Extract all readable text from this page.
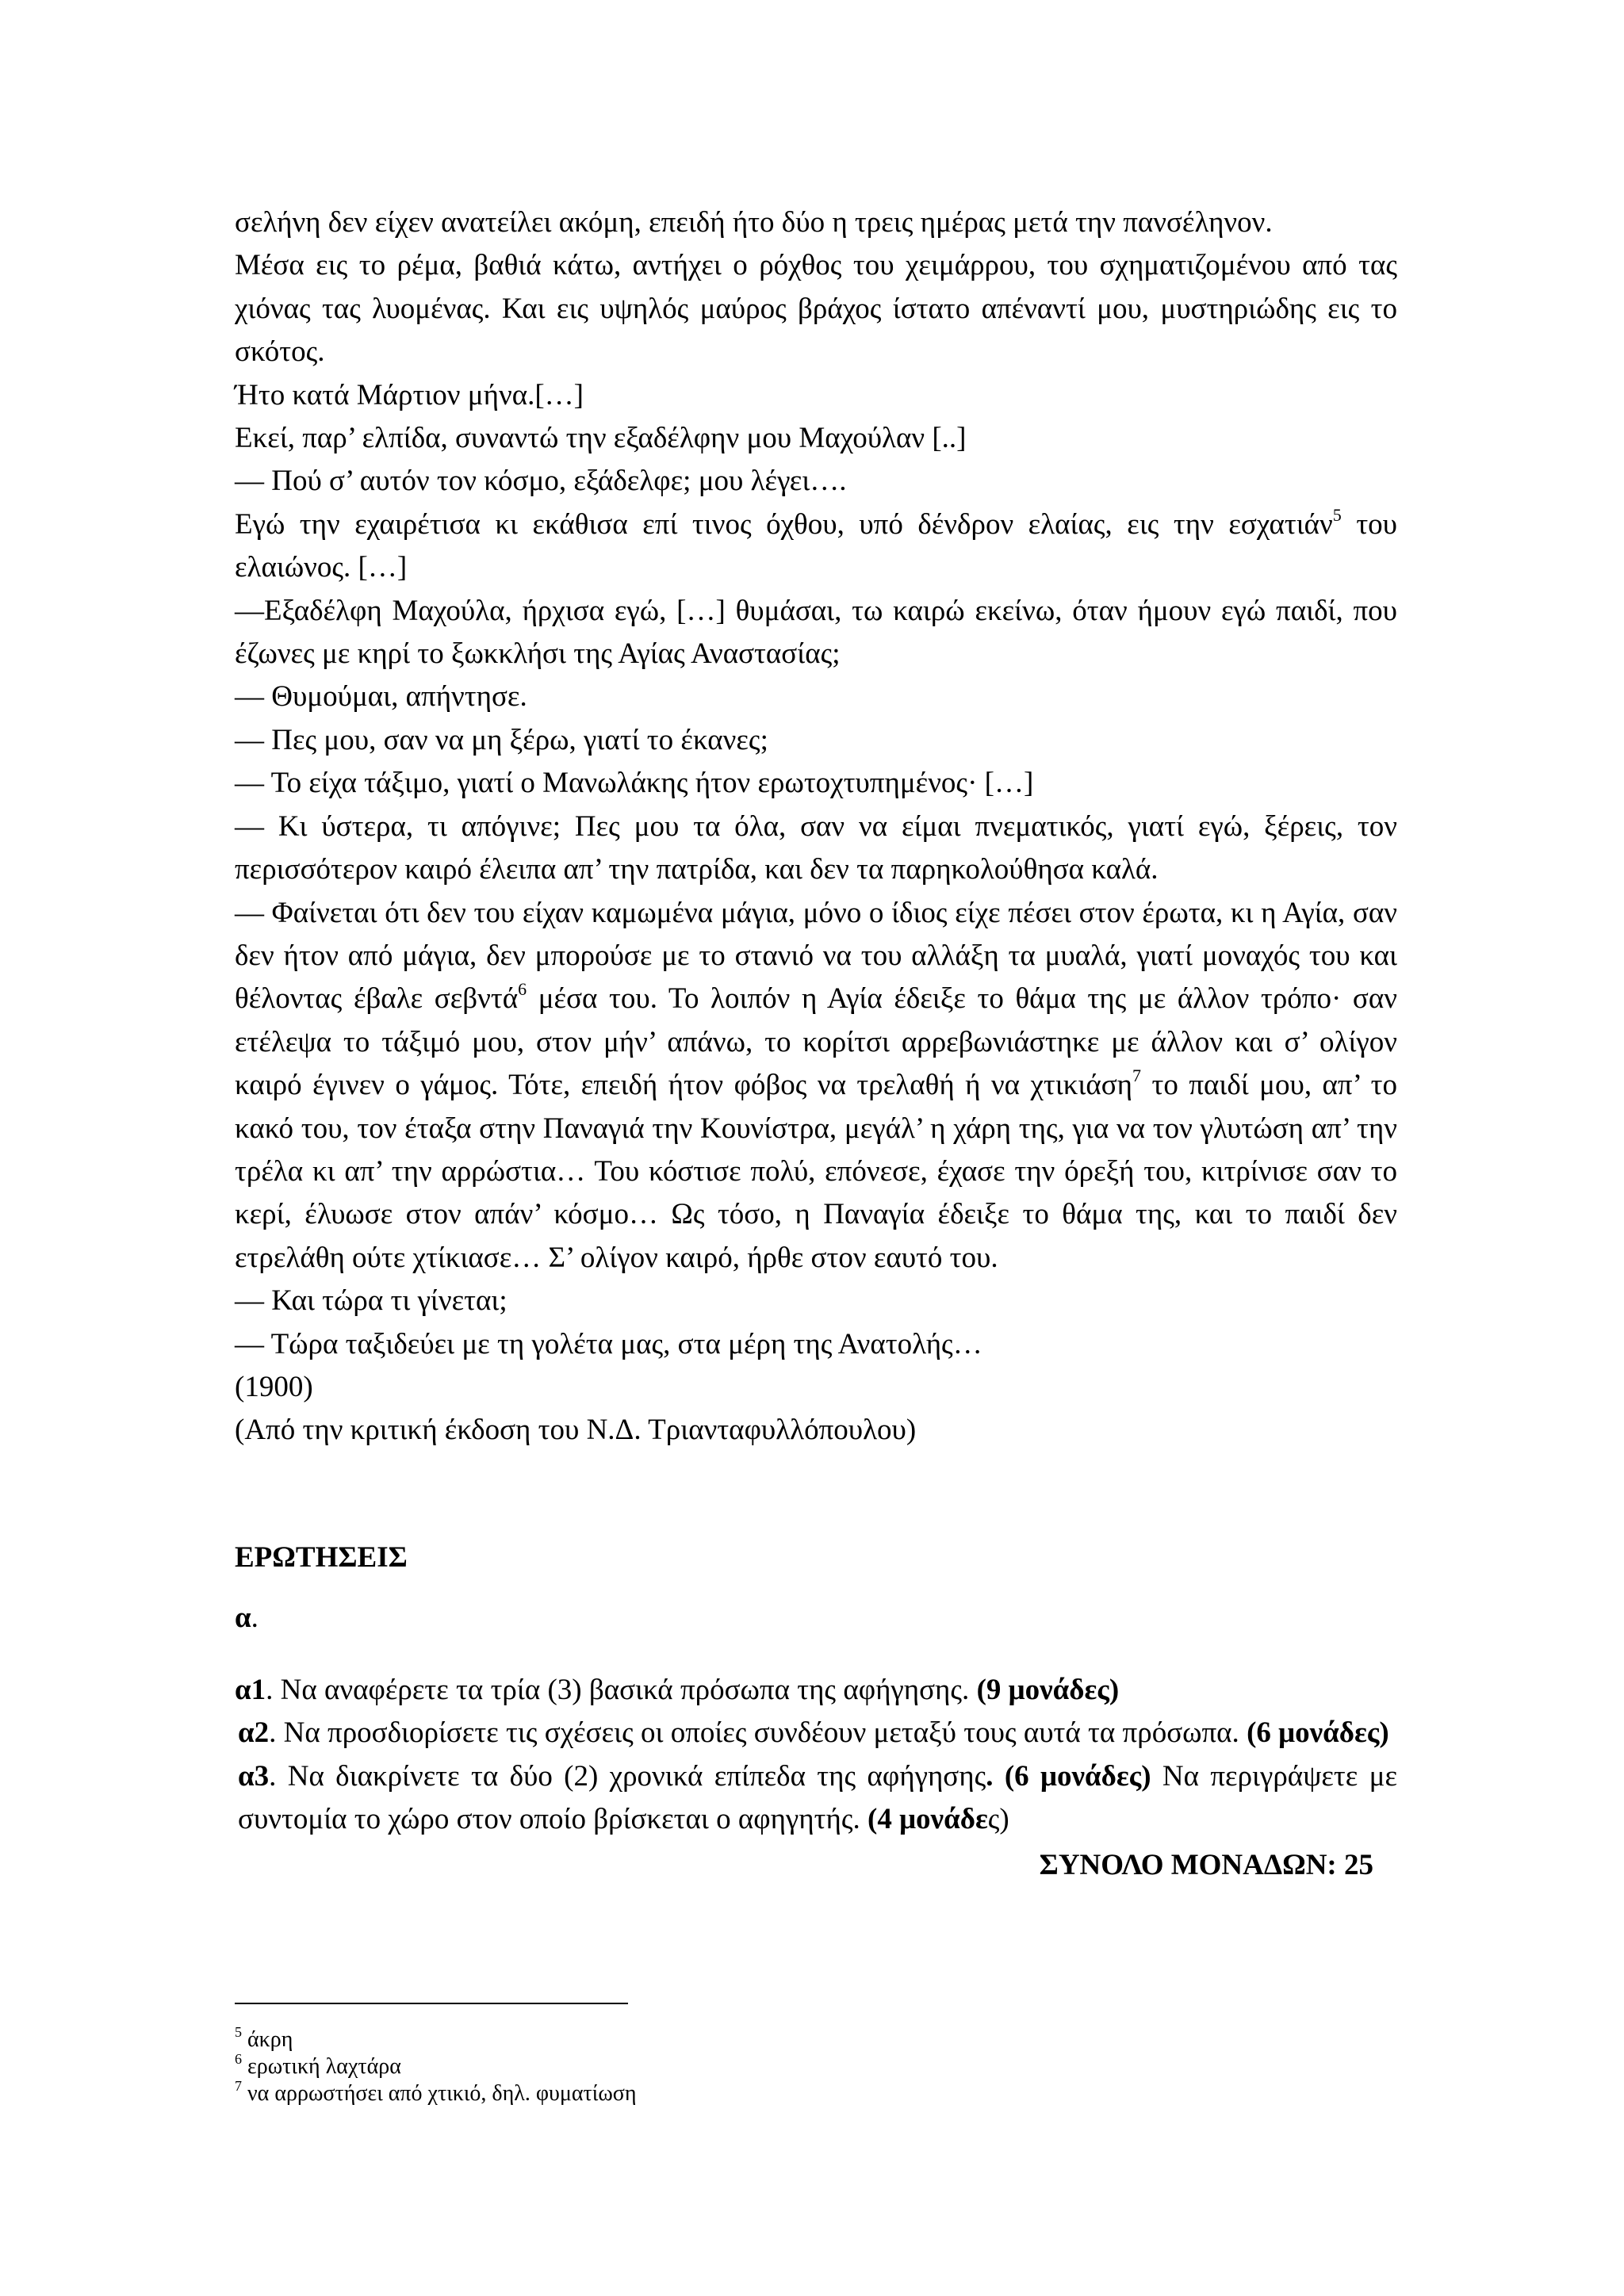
σελήνη δεν είχεν ανατείλει ακόμη, επειδή ήτο δύο η τρεις ημέρας μετά την πανσέληνον.

Μέσα εις το ρέμα, βαθιά κάτω, αντήχει ο ρόχθος του χειμάρρου, του σχηματιζομένου από τας χιόνας τας λυομένας. Και εις υψηλός μαύρος βράχος ίστατο απέναντί μου, μυστηριώδης εις το σκότος.

Ήτο κατά Μάρτιον μήνα.[…]

Εκεί, παρ’ ελπίδα, συναντώ την εξαδέλφην μου Μαχούλαν [..]

— Πού σ’ αυτόν τον κόσμο, εξάδελφε; μου λέγει….

Εγώ την εχαιρέτισα κι εκάθισα επί τινος όχθου, υπό δένδρον ελαίας, εις την εσχατιάν$^5$ του ελαιώνος. […]

—Εξαδέλφη Μαχούλα, ήρχισα εγώ, […] θυμάσαι, τω καιρώ εκείνω, όταν ήμουν εγώ παιδί, που έζωνες με κηρί το ξωκκλήσι της Αγίας Αναστασίας;

— Θυμούμαι, απήντησε.

— Πες μου, σαν να μη ξέρω, γιατί το έκανες;

— Το είχα τάξιμο, γιατί ο Μανωλάκης ήτον ερωτοχτυπημένος· […]

— Κι ύστερα, τι απόγινε; Πες μου τα όλα, σαν να είμαι πνεματικός, γιατί εγώ, ξέρεις, τον περισσότερον καιρό έλειπα απ’ την πατρίδα, και δεν τα παρηκολούθησα καλά.

— Φαίνεται ότι δεν του είχαν καμωμένα μάγια, μόνο ο ίδιος είχε πέσει στον έρωτα, κι η Αγία, σαν δεν ήτον από μάγια, δεν μπορούσε με το στανιό να του αλλάξη τα μυαλά, γιατί μοναχός του και θέλοντας έβαλε σεβντά$^6$ μέσα του. Το λοιπόν η Αγία έδειξε το θάμα της με άλλον τρόπο· σαν ετέλεψα το τάξιμό μου, στον μήν’ απάνω, το κορίτσι αρρεβωνιάστηκε με άλλον και σ’ ολίγον καιρό έγινεν ο γάμος. Τότε, επειδή ήτον φόβος να τρελαθή ή να χτικιάση$^7$ το παιδί μου, απ’ το κακό του, τον έταξα στην Παναγιά την Κουνίστρα, μεγάλ’ η χάρη της, για να τον γλυτώση απ’ την τρέλα κι απ’ την αρρώστια… Του κόστισε πολύ, επόνεσε, έχασε την όρεξή του, κιτρίνισε σαν το κερί, έλυωσε στον απάν’ κόσμο… Ως τόσο, η Παναγία έδειξε το θάμα της, και το παιδί δεν ετρελάθη ούτε χτίκιασε… Σ’ ολίγον καιρό, ήρθε στον εαυτό του.

— Και τώρα τι γίνεται;

— Τώρα ταξιδεύει με τη γολέτα μας, στα μέρη της Ανατολής…

(1900)

(Από την κριτική έκδοση του Ν.Δ. Τριανταφυλλόπουλου)

ΕΡΩΤΗΣΕΙΣ

α.

α1. Να αναφέρετε τα τρία (3) βασικά πρόσωπα της αφήγησης. (9 μονάδες)

α2. Να προσδιορίσετε τις σχέσεις οι οποίες συνδέουν μεταξύ τους αυτά τα πρόσωπα. (6 μονάδες)

α3. Να διακρίνετε τα δύο (2) χρονικά επίπεδα της αφήγησης. (6 μονάδες) Να περιγράψετε με συντομία το χώρο στον οποίο βρίσκεται ο αφηγητής. (4 μονάδες)

ΣΥΝΟΛΟ ΜΟΝΑΔΩΝ: 25

$^5$ άκρη

$^6$ ερωτική λαχτάρα

$^7$ να αρρωστήσει από χτικιό, δηλ. φυματίωση
